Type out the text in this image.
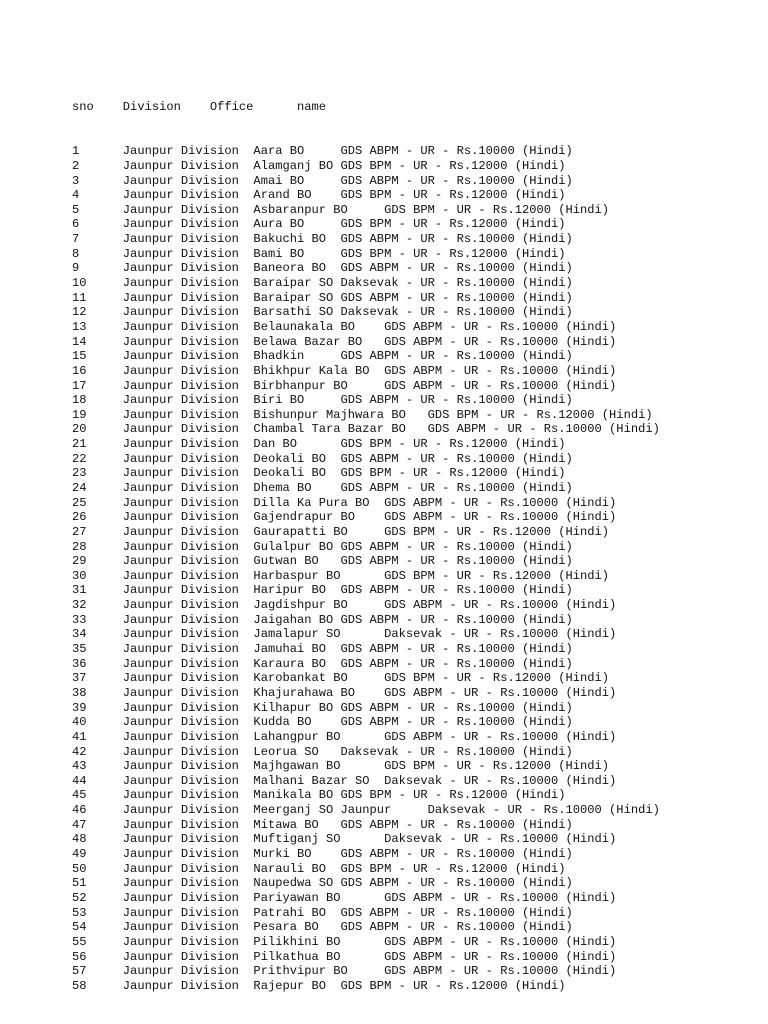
sno    Division    Office      name

1      Jaunpur Division  Aara BO     GDS ABPM - UR - Rs.10000 (Hindi)
2      Jaunpur Division  Alamganj BO GDS BPM - UR - Rs.12000 (Hindi)
3      Jaunpur Division  Amai BO     GDS ABPM - UR - Rs.10000 (Hindi)
4      Jaunpur Division  Arand BO    GDS BPM - UR - Rs.12000 (Hindi)
5      Jaunpur Division  Asbaranpur BO     GDS BPM - UR - Rs.12000 (Hindi)
6      Jaunpur Division  Aura BO     GDS BPM - UR - Rs.12000 (Hindi)
7      Jaunpur Division  Bakuchi BO  GDS ABPM - UR - Rs.10000 (Hindi)
8      Jaunpur Division  Bami BO     GDS BPM - UR - Rs.12000 (Hindi)
9      Jaunpur Division  Baneora BO  GDS ABPM - UR - Rs.10000 (Hindi)
10     Jaunpur Division  Baraipar SO Daksevak - UR - Rs.10000 (Hindi)
11     Jaunpur Division  Baraipar SO GDS ABPM - UR - Rs.10000 (Hindi)
12     Jaunpur Division  Barsathi SO Daksevak - UR - Rs.10000 (Hindi)
13     Jaunpur Division  Belaunakala BO    GDS ABPM - UR - Rs.10000 (Hindi)
14     Jaunpur Division  Belawa Bazar BO   GDS ABPM - UR - Rs.10000 (Hindi)
15     Jaunpur Division  Bhadkin     GDS ABPM - UR - Rs.10000 (Hindi)
16     Jaunpur Division  Bhikhpur Kala BO  GDS ABPM - UR - Rs.10000 (Hindi)
17     Jaunpur Division  Birbhanpur BO     GDS ABPM - UR - Rs.10000 (Hindi)
18     Jaunpur Division  Biri BO     GDS ABPM - UR - Rs.10000 (Hindi)
19     Jaunpur Division  Bishunpur Majhwara BO   GDS BPM - UR - Rs.12000 (Hindi)
20     Jaunpur Division  Chambal Tara Bazar BO   GDS ABPM - UR - Rs.10000 (Hindi)
21     Jaunpur Division  Dan BO      GDS BPM - UR - Rs.12000 (Hindi)
22     Jaunpur Division  Deokali BO  GDS ABPM - UR - Rs.10000 (Hindi)
23     Jaunpur Division  Deokali BO  GDS BPM - UR - Rs.12000 (Hindi)
24     Jaunpur Division  Dhema BO    GDS ABPM - UR - Rs.10000 (Hindi)
25     Jaunpur Division  Dilla Ka Pura BO  GDS ABPM - UR - Rs.10000 (Hindi)
26     Jaunpur Division  Gajendrapur BO    GDS ABPM - UR - Rs.10000 (Hindi)
27     Jaunpur Division  Gaurapatti BO     GDS BPM - UR - Rs.12000 (Hindi)
28     Jaunpur Division  Gulalpur BO GDS ABPM - UR - Rs.10000 (Hindi)
29     Jaunpur Division  Gutwan BO   GDS ABPM - UR - Rs.10000 (Hindi)
30     Jaunpur Division  Harbaspur BO      GDS BPM - UR - Rs.12000 (Hindi)
31     Jaunpur Division  Haripur BO  GDS ABPM - UR - Rs.10000 (Hindi)
32     Jaunpur Division  Jagdishpur BO     GDS ABPM - UR - Rs.10000 (Hindi)
33     Jaunpur Division  Jaigahan BO GDS ABPM - UR - Rs.10000 (Hindi)
34     Jaunpur Division  Jamalapur SO      Daksevak - UR - Rs.10000 (Hindi)
35     Jaunpur Division  Jamuhai BO  GDS ABPM - UR - Rs.10000 (Hindi)
36     Jaunpur Division  Karaura BO  GDS ABPM - UR - Rs.10000 (Hindi)
37     Jaunpur Division  Karobankat BO     GDS BPM - UR - Rs.12000 (Hindi)
38     Jaunpur Division  Khajurahawa BO    GDS ABPM - UR - Rs.10000 (Hindi)
39     Jaunpur Division  Kilhapur BO GDS ABPM - UR - Rs.10000 (Hindi)
40     Jaunpur Division  Kudda BO    GDS ABPM - UR - Rs.10000 (Hindi)
41     Jaunpur Division  Lahangpur BO      GDS ABPM - UR - Rs.10000 (Hindi)
42     Jaunpur Division  Leorua SO   Daksevak - UR - Rs.10000 (Hindi)
43     Jaunpur Division  Majhgawan BO      GDS BPM - UR - Rs.12000 (Hindi)
44     Jaunpur Division  Malhani Bazar SO  Daksevak - UR - Rs.10000 (Hindi)
45     Jaunpur Division  Manikala BO GDS BPM - UR - Rs.12000 (Hindi)
46     Jaunpur Division  Meerganj SO Jaunpur     Daksevak - UR - Rs.10000 (Hindi)
47     Jaunpur Division  Mitawa BO   GDS ABPM - UR - Rs.10000 (Hindi)
48     Jaunpur Division  Muftiganj SO      Daksevak - UR - Rs.10000 (Hindi)
49     Jaunpur Division  Murki BO    GDS ABPM - UR - Rs.10000 (Hindi)
50     Jaunpur Division  Narauli BO  GDS BPM - UR - Rs.12000 (Hindi)
51     Jaunpur Division  Naupedwa SO GDS ABPM - UR - Rs.10000 (Hindi)
52     Jaunpur Division  Pariyawan BO      GDS ABPM - UR - Rs.10000 (Hindi)
53     Jaunpur Division  Patrahi BO  GDS ABPM - UR - Rs.10000 (Hindi)
54     Jaunpur Division  Pesara BO   GDS ABPM - UR - Rs.10000 (Hindi)
55     Jaunpur Division  Pilikhini BO      GDS ABPM - UR - Rs.10000 (Hindi)
56     Jaunpur Division  Pilkathua BO      GDS ABPM - UR - Rs.10000 (Hindi)
57     Jaunpur Division  Prithvipur BO     GDS ABPM - UR - Rs.10000 (Hindi)
58     Jaunpur Division  Rajepur BO  GDS BPM - UR - Rs.12000 (Hindi)
